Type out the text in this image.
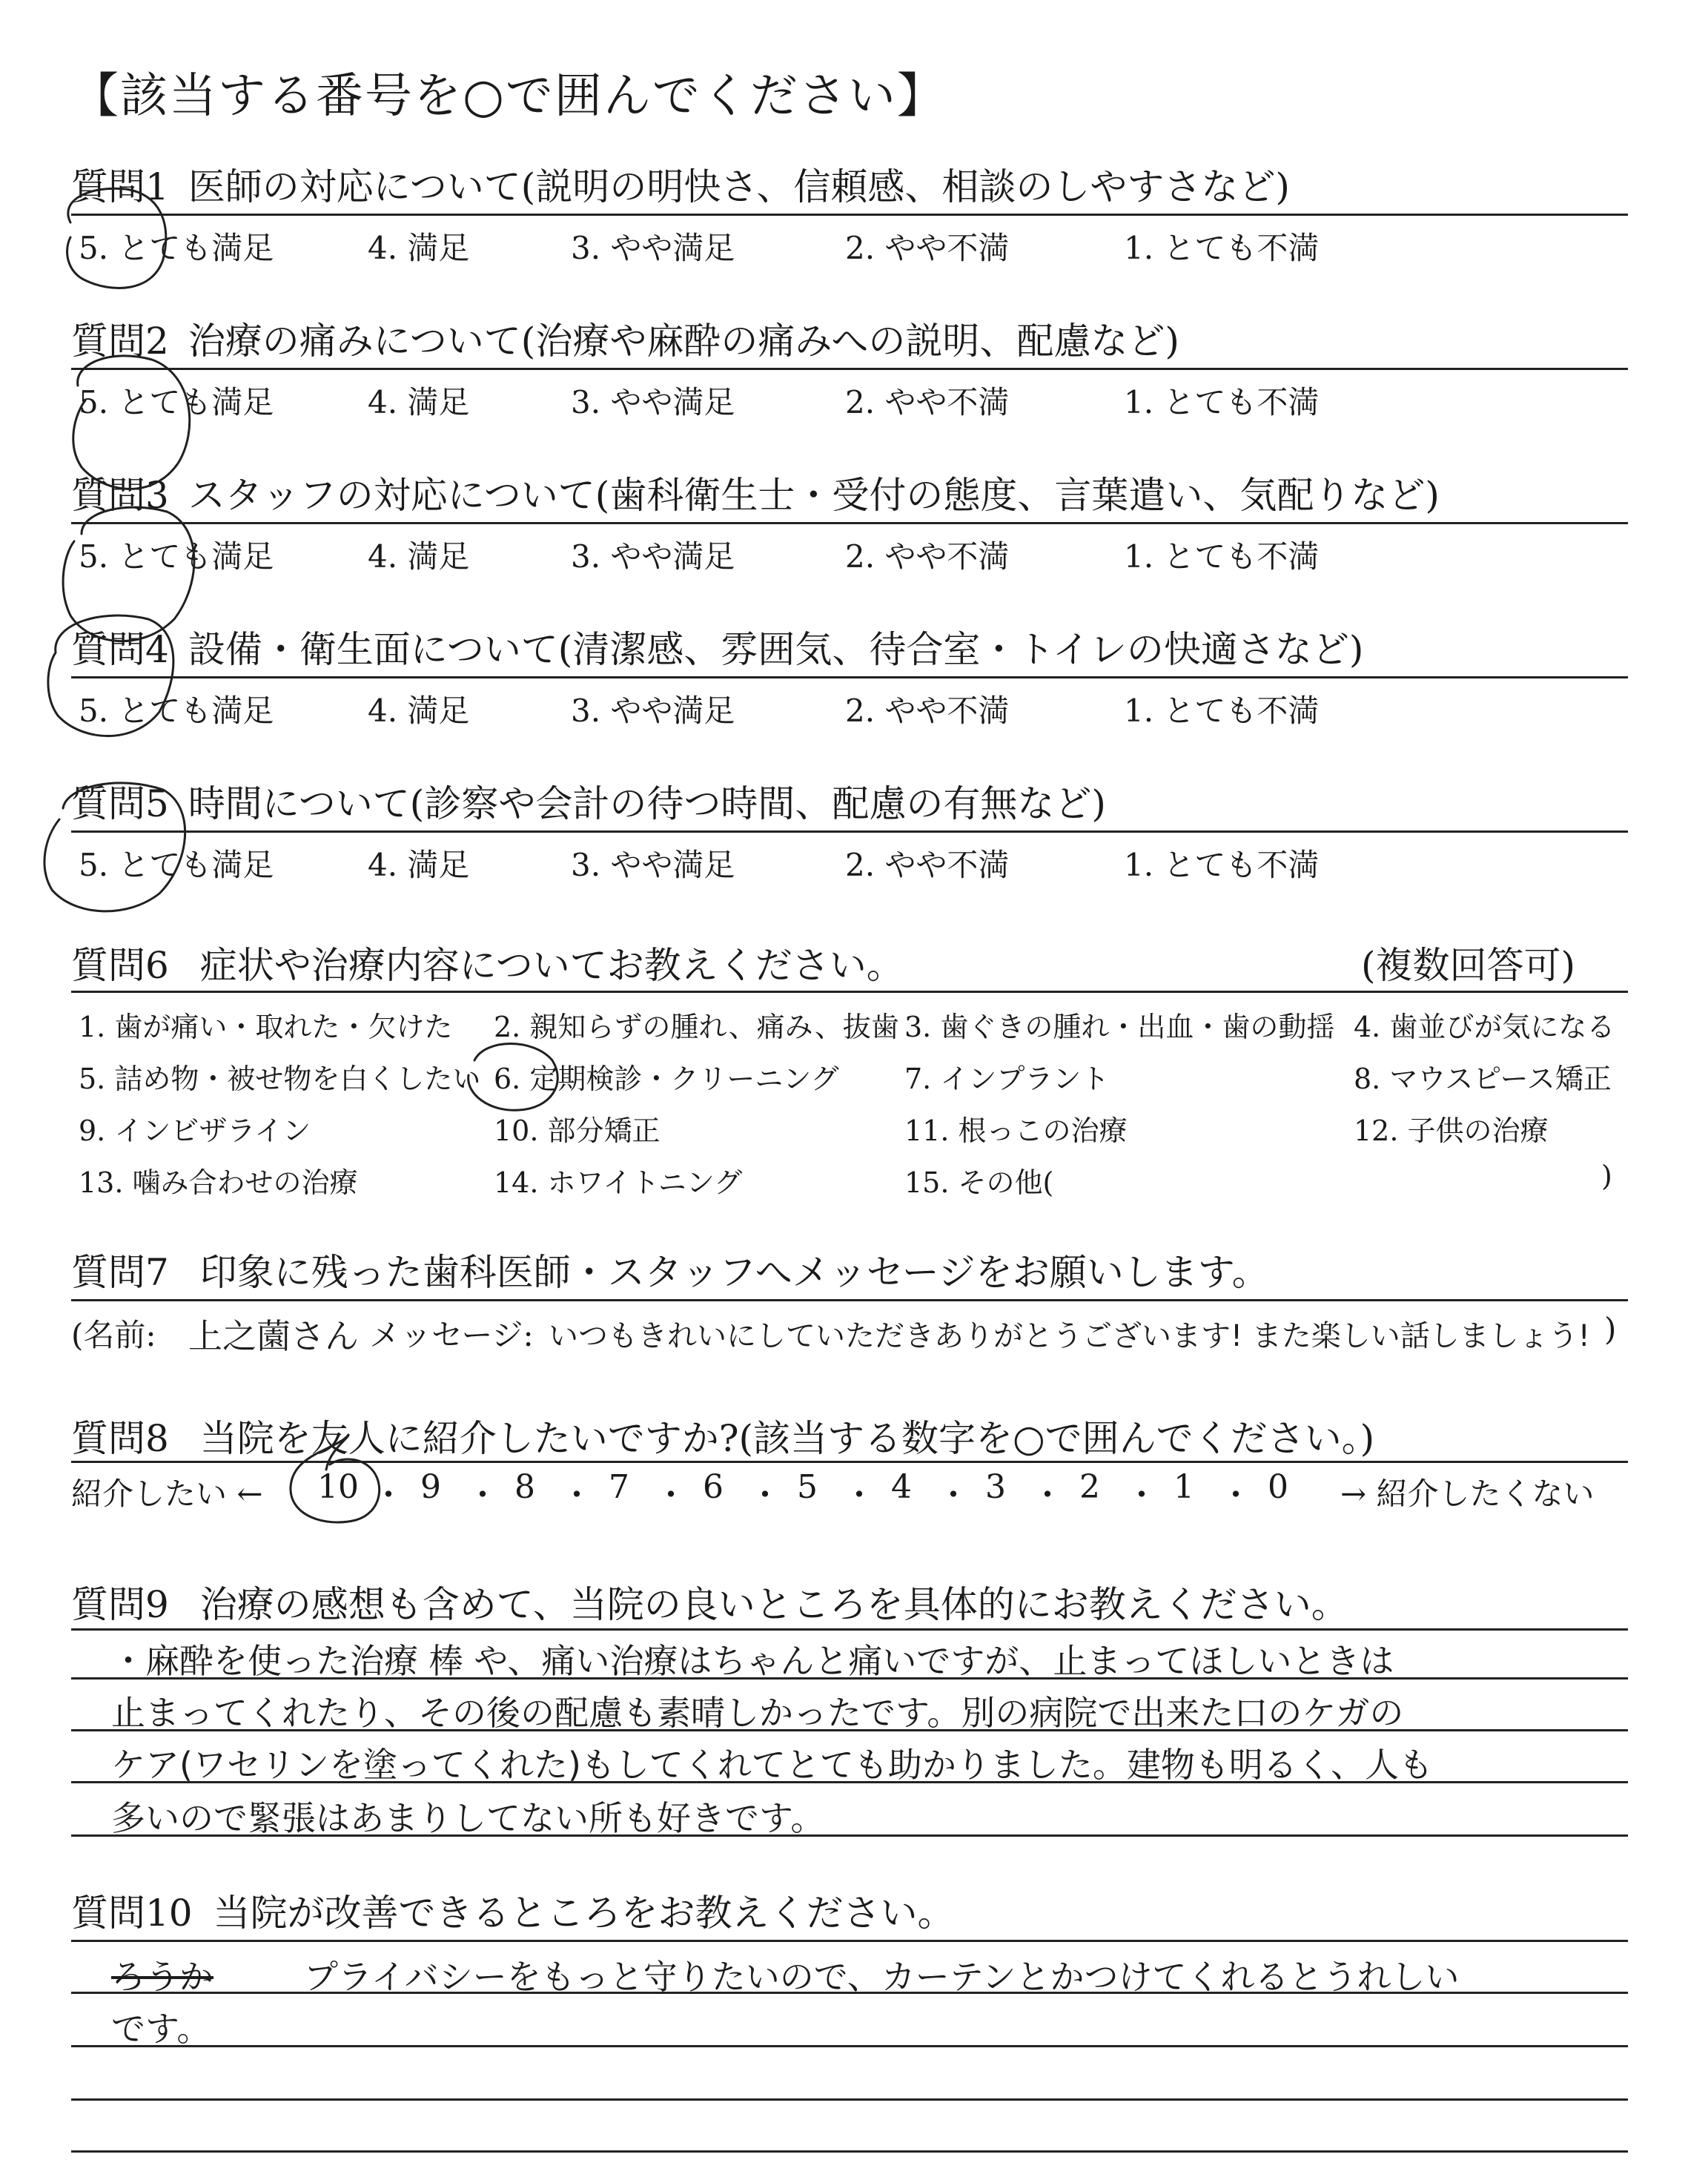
【該当する番号を○で囲んでください】
質問1 医師の対応について(説明の明快さ、信頼感、相談のしやすさなど)
5. とても満足	4. 満足	3. やや満足	2. やや不満	1. とても不満
質問2 治療の痛みについて(治療や麻酔の痛みへの説明、配慮など)
5. とても満足	4. 満足	3. やや満足	2. やや不満	1. とても不満
質問3 スタッフの対応について(歯科衛生士・受付の態度、言葉遣い、気配りなど)
5. とても満足	4. 満足	3. やや満足	2. やや不満	1. とても不満
質問4 設備・衛生面について(清潔感、雰囲気、待合室・トイレの快適さなど)
5. とても満足	4. 満足	3. やや満足	2. やや不満	1. とても不満
質問5 時間について(診察や会計の待つ時間、配慮の有無など)
5. とても満足	4. 満足	3. やや満足	2. やや不満	1. とても不満
質問6 症状や治療内容についてお教えください。	(複数回答可)
1. 歯が痛い・取れた・欠けた 2. 親知らずの腫れ、痛み、抜歯 3. 歯ぐきの腫れ・出血・歯の動揺 4. 歯並びが気になる
5. 詰め物・被せ物を白くしたい 6. 定期検診・クリーニング 7. インプラント	8. マウスピース矯正
9. インビザライン	10. 部分矯正	11. 根っこの治療	12. 子供の治療
13. 噛み合わせの治療	14. ホワイトニング	15. その他(	)
質問7 印象に残った歯科医師・スタッフへメッセージをお願いします。
(名前: 上之薗さん メッセージ: いつもきれいにしていただきありがとうございます! また楽しい話しましょう! )
質問8 当院を友人に紹介したいですか?(該当する数字を○で囲んでください。)
紹介したい ← 10 ・ 9 ・ 8 ・ 7 ・ 6 ・ 5 ・ 4 ・ 3 ・ 2 ・ 1 ・ 0 → 紹介したくない
質問9 治療の感想も含めて、当院の良いところを具体的にお教えください。
・麻酔を使った治療 棒 や、痛い治療はちゃんと痛いですが、止まってほしいときは
止まってくれたり、その後の配慮も素晴しかったです。別の病院で出来た口のケガの
ケア(ワセリンを塗ってくれた)もしてくれてとても助かりました。建物も明るく、人も
多いので緊張はあまりしてない所も好きです。
質問10 当院が改善できるところをお教えください。
ろうか	プライバシーをもっと守りたいので、カーテンとかつけてくれるとうれしい
です。
